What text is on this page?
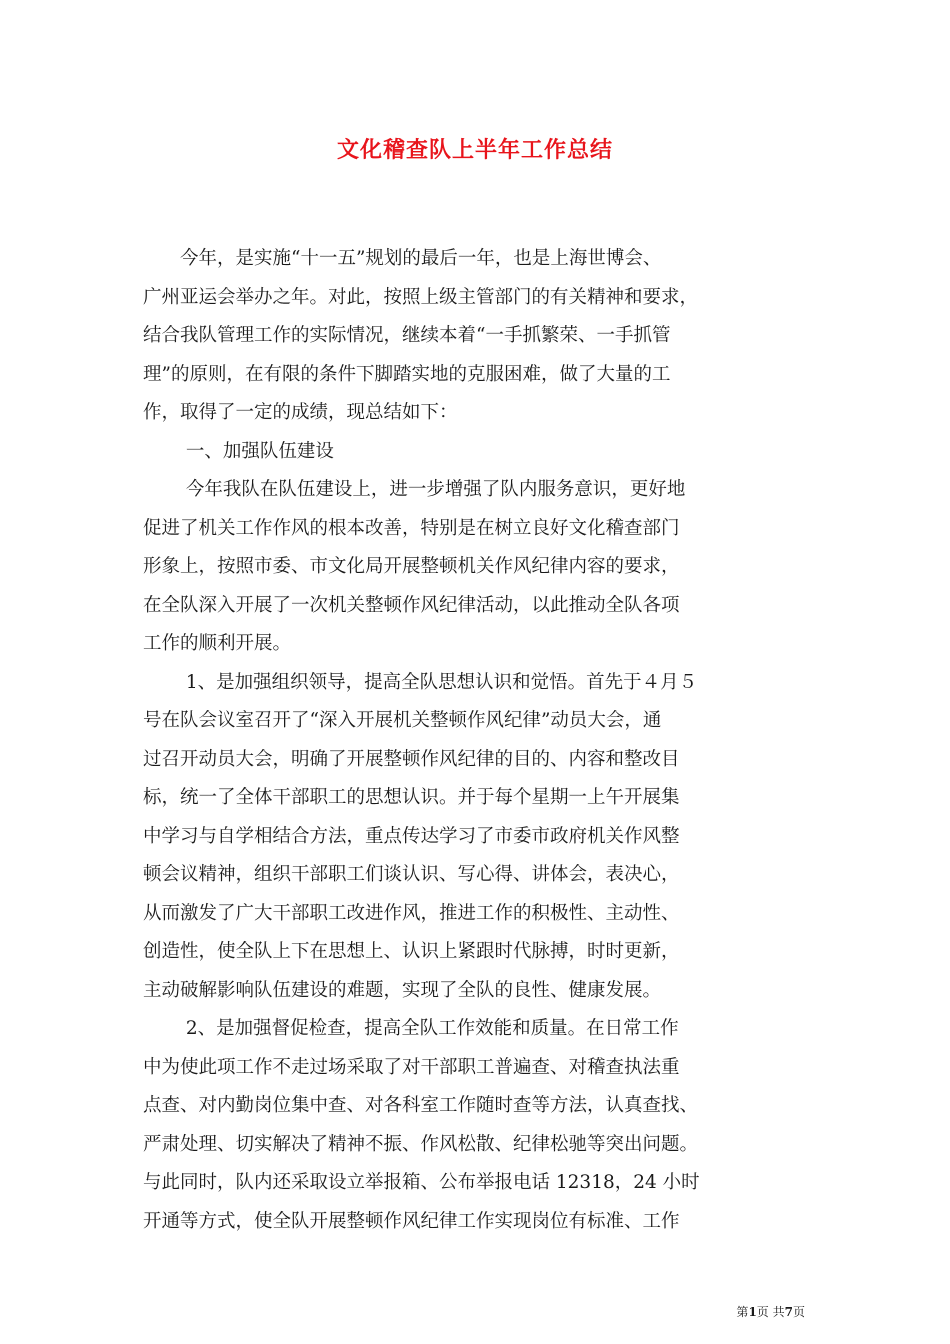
文化稽查队上半年工作总结
　　今年，是实施“十一五”规划的最后一年，也是上海世博会、
广州亚运会举办之年。对此，按照上级主管部门的有关精神和要求，
结合我队管理工作的实际情况，继续本着“一手抓繁荣、一手抓管
理”的原则，在有限的条件下脚踏实地的克服困难，做了大量的工
作，取得了一定的成绩，现总结如下：
　　 一、加强队伍建设
　　 今年我队在队伍建设上，进一步增强了队内服务意识，更好地
促进了机关工作作风的根本改善，特别是在树立良好文化稽查部门
形象上，按照市委、市文化局开展整顿机关作风纪律内容的要求，
在全队深入开展了一次机关整顿作风纪律活动，以此推动全队各项
工作的顺利开展。
　　 1、是加强组织领导，提高全队思想认识和觉悟。首先于４月５
号在队会议室召开了“深入开展机关整顿作风纪律”动员大会，通
过召开动员大会，明确了开展整顿作风纪律的目的、内容和整改目
标，统一了全体干部职工的思想认识。并于每个星期一上午开展集
中学习与自学相结合方法，重点传达学习了市委市政府机关作风整
顿会议精神，组织干部职工们谈认识、写心得、讲体会，表决心，
从而激发了广大干部职工改进作风，推进工作的积极性、主动性、
创造性，使全队上下在思想上、认识上紧跟时代脉搏，时时更新，
主动破解影响队伍建设的难题，实现了全队的良性、健康发展。
　　 2、是加强督促检查，提高全队工作效能和质量。在日常工作
中为使此项工作不走过场采取了对干部职工普遍查、对稽查执法重
点查、对内勤岗位集中查、对各科室工作随时查等方法，认真查找、
严肃处理、切实解决了精神不振、作风松散、纪律松驰等突出问题。
与此同时，队内还采取设立举报箱、公布举报电话 12318，24 小时
开通等方式，使全队开展整顿作风纪律工作实现岗位有标准、工作
第1页 共7页
